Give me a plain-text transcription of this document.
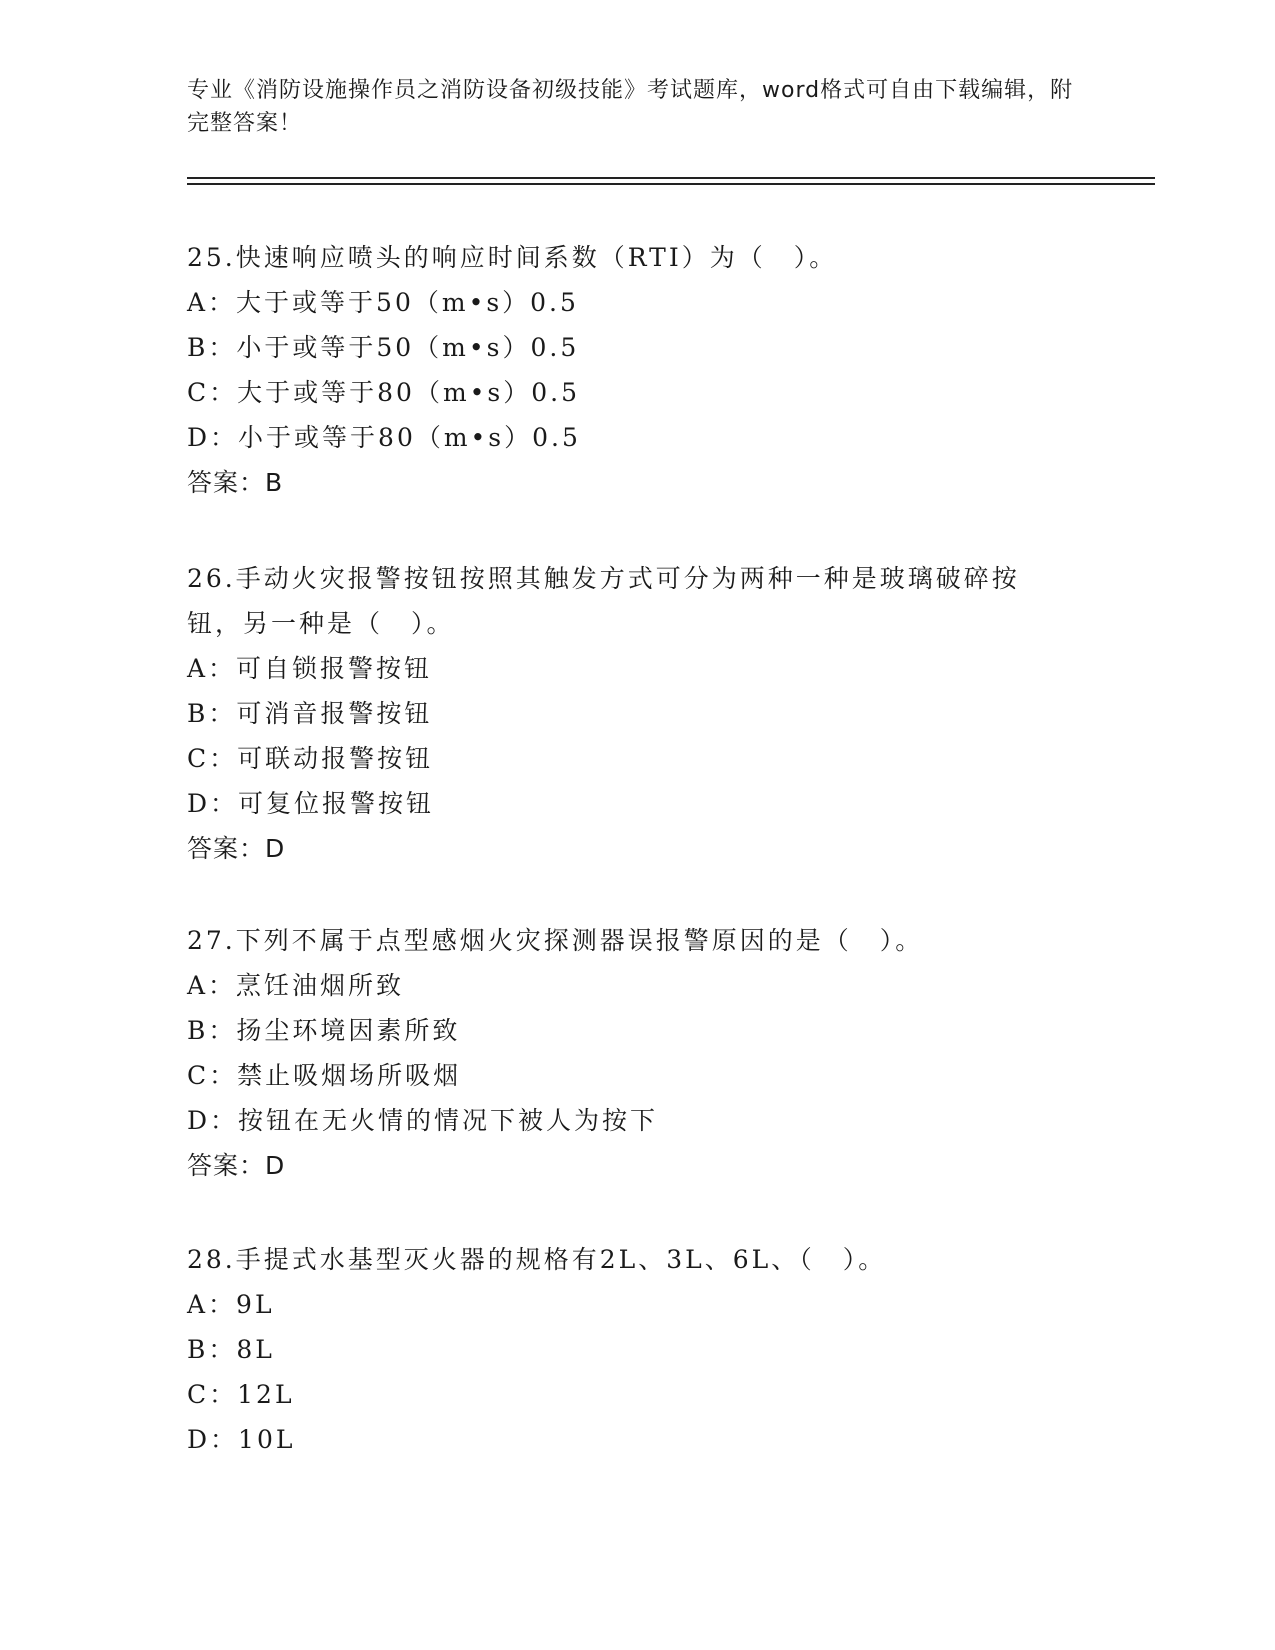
专业《消防设施操作员之消防设备初级技能》考试题库，word格式可自由下载编辑，附完整答案！
25.快速响应喷头的响应时间系数（RTI）为（　）。
A：大于或等于50（m•s）0.5
B：小于或等于50（m•s）0.5
C：大于或等于80（m•s）0.5
D：小于或等于80（m•s）0.5
答案：B
26.手动火灾报警按钮按照其触发方式可分为两种一种是玻璃破碎按钮，另一种是（　）。
A：可自锁报警按钮
B：可消音报警按钮
C：可联动报警按钮
D：可复位报警按钮
答案：D
27.下列不属于点型感烟火灾探测器误报警原因的是（　）。
A：烹饪油烟所致
B：扬尘环境因素所致
C：禁止吸烟场所吸烟
D：按钮在无火情的情况下被人为按下
答案：D
28.手提式水基型灭火器的规格有2L、3L、6L、（　）。
A：9L
B：8L
C：12L
D：10L
